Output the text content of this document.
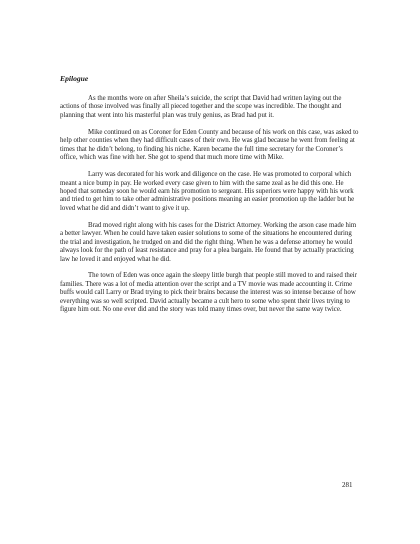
Epilogue

As the months wore on after Sheila’s suicide, the script that David had written laying out the actions of those involved was finally all pieced together and the scope was incredible. The thought and planning that went into his masterful plan was truly genius, as Brad had put it.

Mike continued on as Coroner for Eden County and because of his work on this case, was asked to help other counties when they had difficult cases of their own. He was glad because he went from feeling at times that he didn’t belong, to finding his niche. Karen became the full time secretary for the Coroner’s office, which was fine with her. She got to spend that much more time with Mike.

Larry was decorated for his work and diligence on the case. He was promoted to corporal which meant a nice bump in pay. He worked every case given to him with the same zeal as he did this one. He hoped that someday soon he would earn his promotion to sergeant. His superiors were happy with his work and tried to get him to take other administrative positions meaning an easier promotion up the ladder but he loved what he did and didn’t want to give it up.

Brad moved right along with his cases for the District Attorney. Working the arson case made him a better lawyer. When he could have taken easier solutions to some of the situations he encountered during the trial and investigation, he trudged on and did the right thing. When he was a defense attorney he would always look for the path of least resistance and pray for a plea bargain. He found that by actually practicing law he loved it and enjoyed what he did.

The town of Eden was once again the sleepy little burgh that people still moved to and raised their families. There was a lot of media attention over the script and a TV movie was made accounting it. Crime buffs would call Larry or Brad trying to pick their brains because the interest was so intense because of how everything was so well scripted. David actually became a cult hero to some who spent their lives trying to figure him out. No one ever did and the story was told many times over, but never the same way twice.

281
